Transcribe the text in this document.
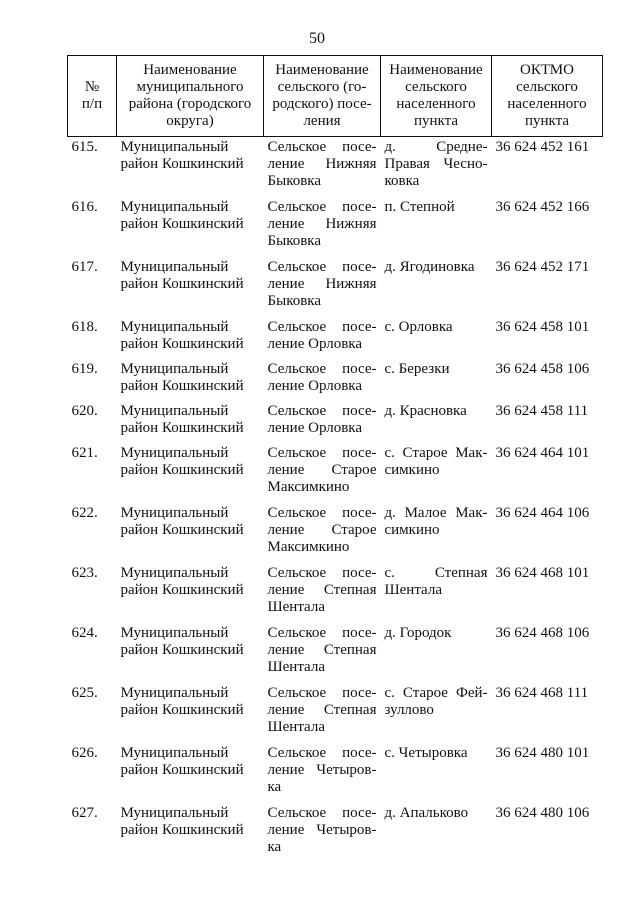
50
№
п/п	Наименование
муниципального
района (городского
округа)	Наименование
сельского (го-
родского) посе-
ления	Наименование
сельского
населенного
пункта	ОКТМО
сельского
населенного
пункта

615.	Муниципальный
район Кошкинский	Сельское посе-
ление Нижняя
Быковка	д. Средне-
Правая Чесно-
ковка	36 624 452 161
616.	Муниципальный
район Кошкинский	Сельское посе-
ление Нижняя
Быковка	п. Степной	36 624 452 166
617.	Муниципальный
район Кошкинский	Сельское посе-
ление Нижняя
Быковка	д. Ягодиновка	36 624 452 171
618.	Муниципальный
район Кошкинский	Сельское посе-
ление Орловка	с. Орловка	36 624 458 101
619.	Муниципальный
район Кошкинский	Сельское посе-
ление Орловка	с. Березки	36 624 458 106
620.	Муниципальный
район Кошкинский	Сельское посе-
ление Орловка	д. Красновка	36 624 458 111
621.	Муниципальный
район Кошкинский	Сельское посе-
ление Старое
Максимкино	с. Старое Мак-
симкино	36 624 464 101
622.	Муниципальный
район Кошкинский	Сельское посе-
ление Старое
Максимкино	д. Малое Мак-
симкино	36 624 464 106
623.	Муниципальный
район Кошкинский	Сельское посе-
ление Степная
Шентала	с. Степная
Шентала	36 624 468 101
624.	Муниципальный
район Кошкинский	Сельское посе-
ление Степная
Шентала	д. Городок	36 624 468 106
625.	Муниципальный
район Кошкинский	Сельское посе-
ление Степная
Шентала	с. Старое Фей-
зуллово	36 624 468 111
626.	Муниципальный
район Кошкинский	Сельское посе-
ление Четыров-
ка	с. Четыровка	36 624 480 101
627.	Муниципальный
район Кошкинский	Сельское посе-
ление Четыров-
ка	д. Апальково	36 624 480 106
